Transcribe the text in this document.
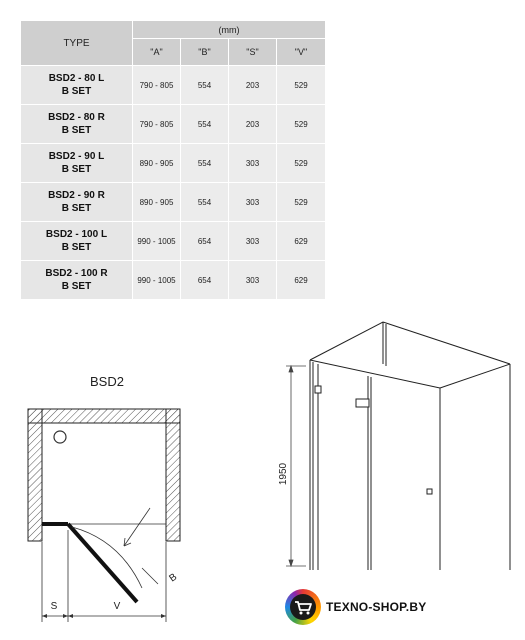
TYPE	(mm)			
	"A"	"B"	"S"	"V"

BSD2 - 80 L
B SET	790 - 805	554	203	529

BSD2 - 80 R
B SET	790 - 805	554	203	529

BSD2 - 90 L
B SET	890 - 905	554	303	529

BSD2 - 90 R
B SET	890 - 905	554	303	529

BSD2 - 100 L
B SET	990 - 1005	654	303	629

BSD2 - 100 R
B SET	990 - 1005	654	303	629
BSD2
B
S	V
1950
TEXNO-SHOP.BY
